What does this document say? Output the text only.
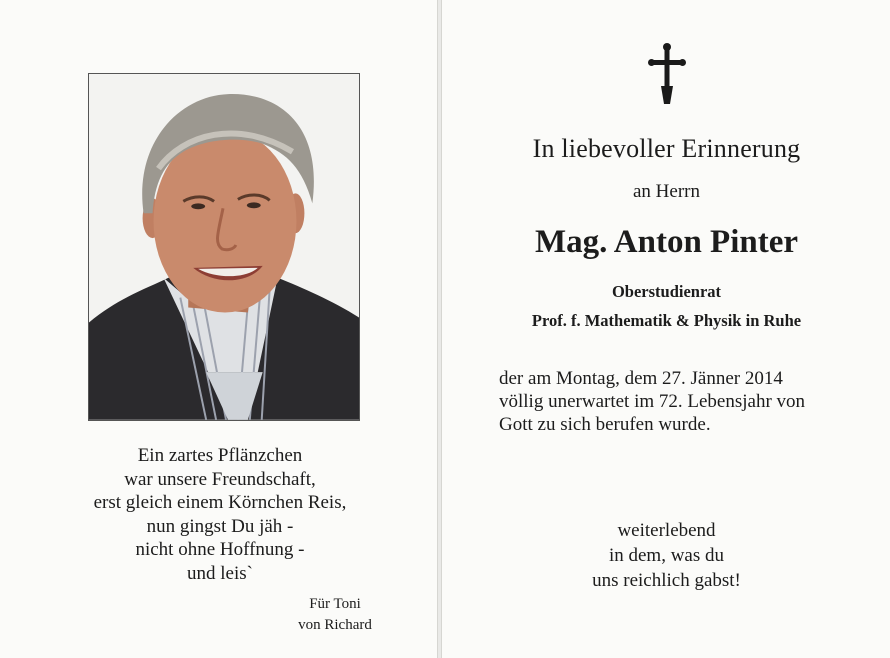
Ein zartes Pflänzchen
war unsere Freundschaft,
erst gleich einem Körnchen Reis,
nun gingst Du jäh -
nicht ohne Hoffnung -
und leis`
Für Toni
von Richard
In liebevoller Erinnerung
an Herrn
Mag. Anton Pinter
Oberstudienrat
Prof. f. Mathematik & Physik in Ruhe
der am Montag, dem 27. Jänner 2014
völlig unerwartet im 72. Lebensjahr von
Gott zu sich berufen wurde.
weiterlebend
in dem, was du
uns reichlich gabst!
